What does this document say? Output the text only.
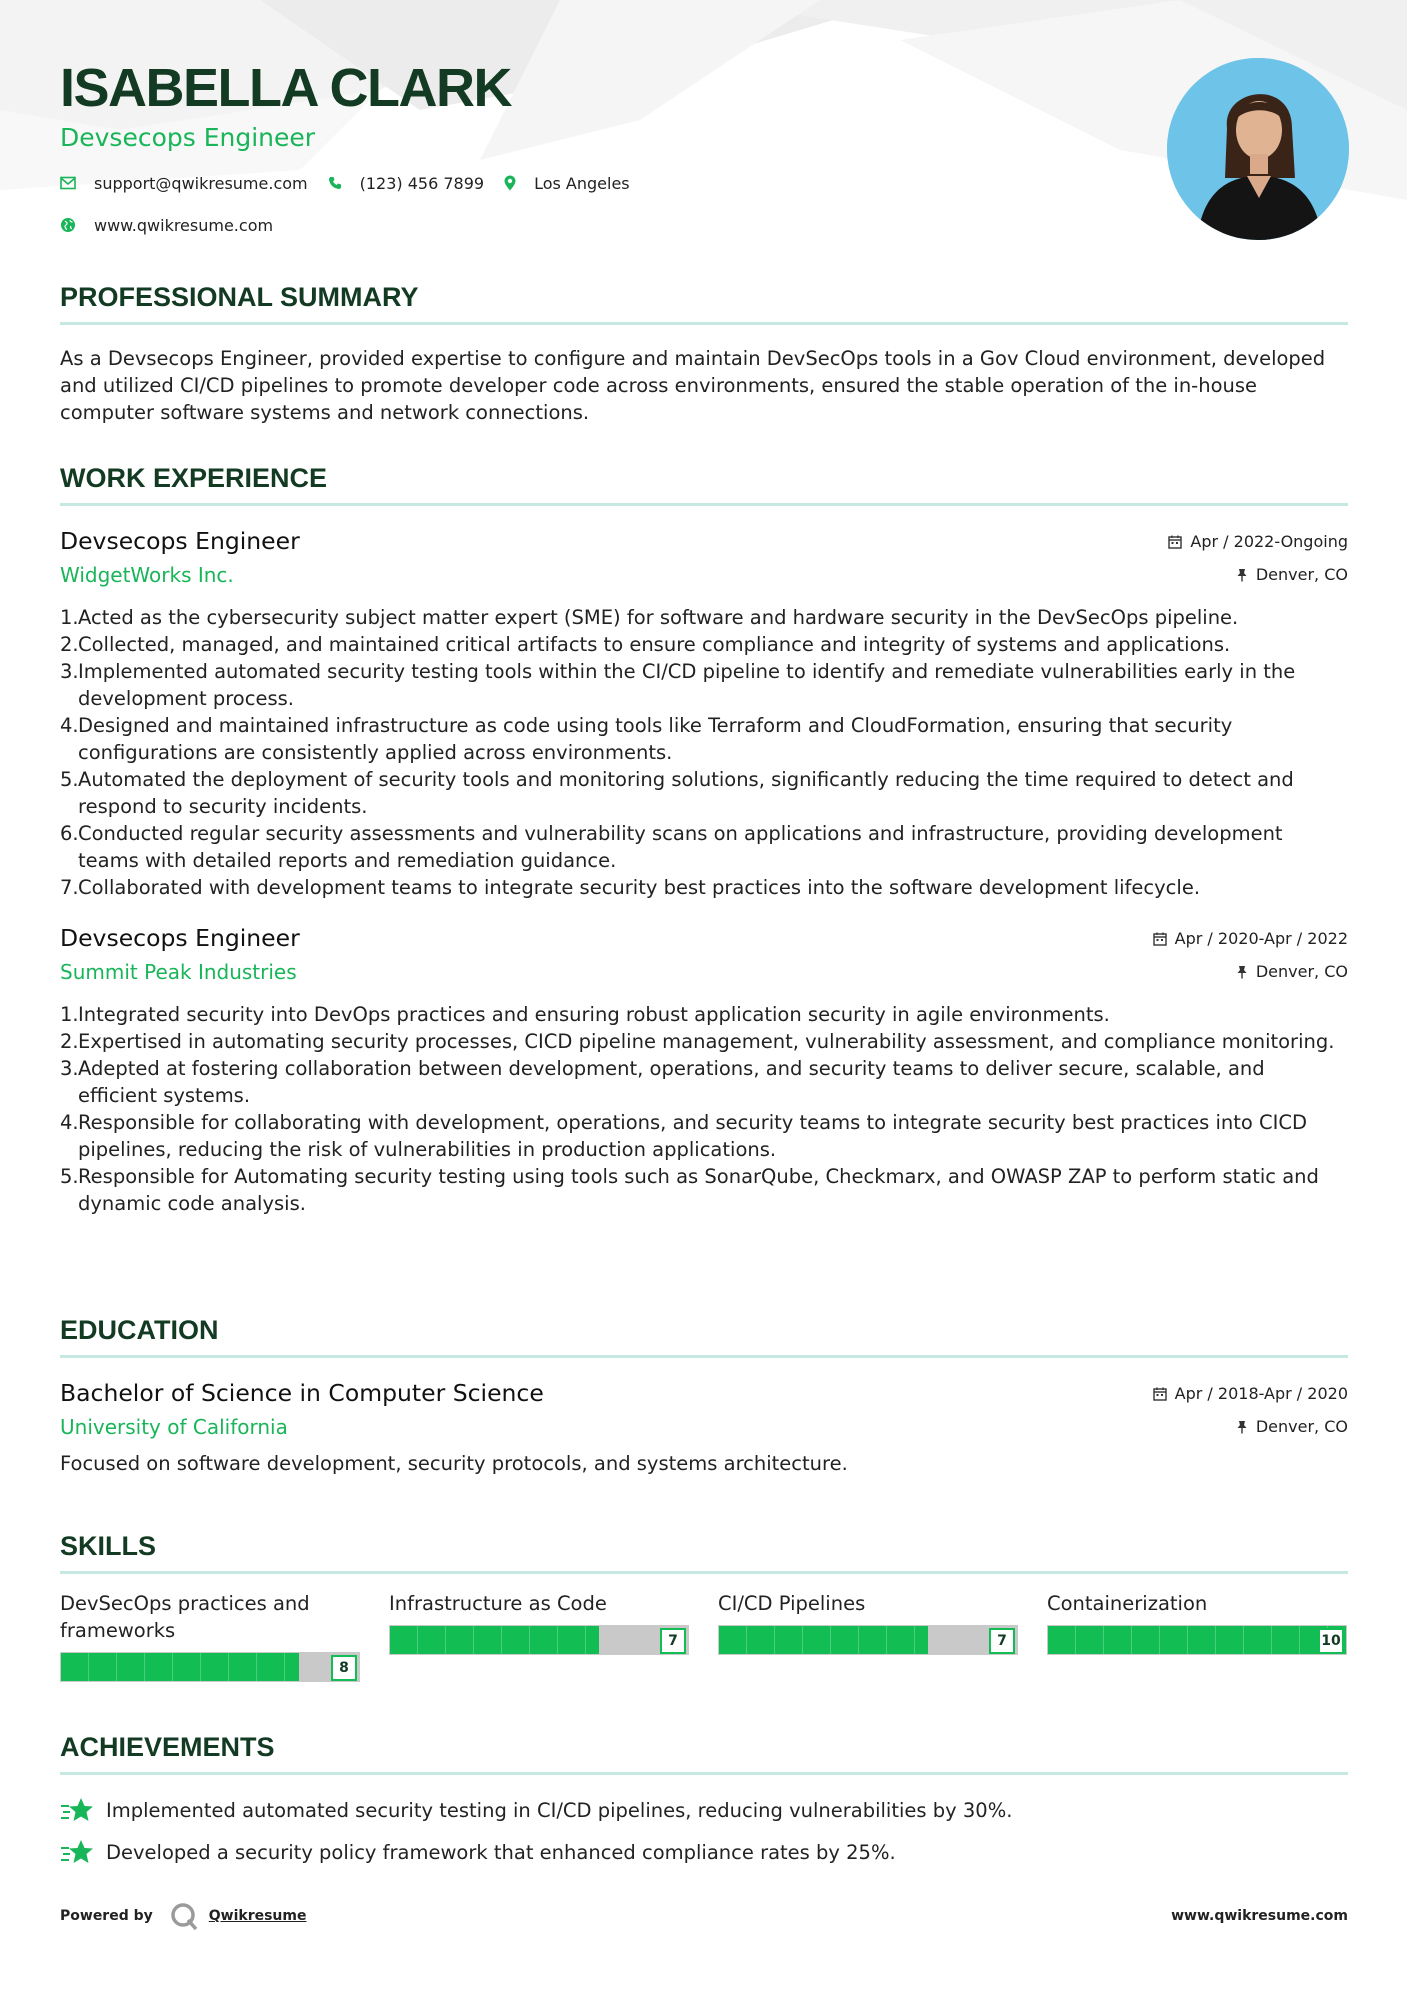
ISABELLA CLARK
Devsecops Engineer
support@qwikresume.com	(123) 456 7899	Los Angeles
www.qwikresume.com
PROFESSIONAL SUMMARY

As a Devsecops Engineer, provided expertise to configure and maintain DevSecOps tools in a Gov Cloud environment, developed and utilized CI/CD pipelines to promote developer code across environments, ensured the stable operation of the in-house computer software systems and network connections.

WORK EXPERIENCE
Devsecops Engineer
WidgetWorks Inc.
Apr / 2022-Ongoing
Denver, CO
1. Acted as the cybersecurity subject matter expert (SME) for software and hardware security in the DevSecOps pipeline.
2. Collected, managed, and maintained critical artifacts to ensure compliance and integrity of systems and applications.
3. Implemented automated security testing tools within the CI/CD pipeline to identify and remediate vulnerabilities early in the development process.
4. Designed and maintained infrastructure as code using tools like Terraform and CloudFormation, ensuring that security configurations are consistently applied across environments.
5. Automated the deployment of security tools and monitoring solutions, significantly reducing the time required to detect and respond to security incidents.
6. Conducted regular security assessments and vulnerability scans on applications and infrastructure, providing development teams with detailed reports and remediation guidance.
7. Collaborated with development teams to integrate security best practices into the software development lifecycle.
Devsecops Engineer
Summit Peak Industries
Apr / 2020-Apr / 2022
Denver, CO
1. Integrated security into DevOps practices and ensuring robust application security in agile environments.
2. Expertised in automating security processes, CICD pipeline management, vulnerability assessment, and compliance monitoring.
3. Adepted at fostering collaboration between development, operations, and security teams to deliver secure, scalable, and efficient systems.
4. Responsible for collaborating with development, operations, and security teams to integrate security best practices into CICD pipelines, reducing the risk of vulnerabilities in production applications.
5. Responsible for Automating security testing using tools such as SonarQube, Checkmarx, and OWASP ZAP to perform static and dynamic code analysis.
EDUCATION
Bachelor of Science in Computer Science
University of California
Apr / 2018-Apr / 2020
Denver, CO

Focused on software development, security protocols, and systems architecture.

SKILLS
DevSecOps practices and frameworks
8
Infrastructure as Code
7
CI/CD Pipelines
7
Containerization
10
ACHIEVEMENTS
Implemented automated security testing in CI/CD pipelines, reducing vulnerabilities by 30%.
Developed a security policy framework that enhanced compliance rates by 25%.
Powered by	Qwikresume	www.qwikresume.com
